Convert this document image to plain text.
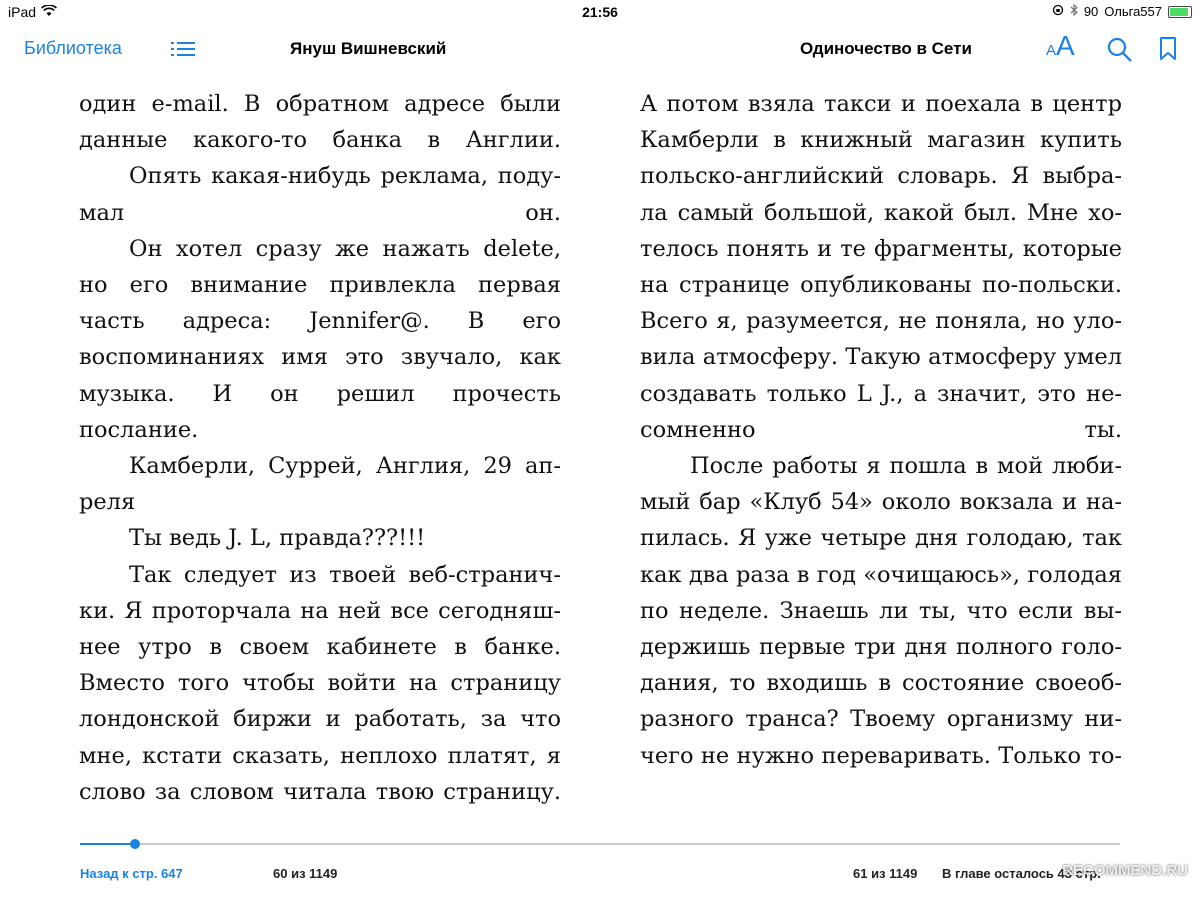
iPad	21:56	90 Ольга557
Библиотека	Януш Вишневский	Одиночество в Сети	AA

один e-mail. В обратном адресе были данные какого-то банка в Англии.

Опять какая-нибудь реклама, подумал он.

Он хотел сразу же нажать delete, но его внимание привлекла первая часть адреса: Jennifer@. В его воспоминаниях имя это звучало, как музыка. И он решил прочесть послание.

Камберли, Суррей, Англия, 29 апреля

Ты ведь J. L, правда???!!!

Так следует из твоей веб-странички. Я проторчала на ней все сегодняшнее утро в своем кабинете в банке. Вместо того чтобы войти на страницу лондонской биржи и работать, за что мне, кстати сказать, неплохо платят, я слово за словом читала твою страницу.

А потом взяла такси и поехала в центр Камберли в книжный магазин купить польско-английский словарь. Я выбрала самый большой, какой был. Мне хотелось понять и те фрагменты, которые на странице опубликованы по-польски. Всего я, разумеется, не поняла, но уловила атмосферу. Такую атмосферу умел создавать только L J., а значит, это несомненно ты.

После работы я пошла в мой любимый бар «Клуб 54» около вокзала и напилась. Я уже четыре дня голодаю, так как два раза в год «очищаюсь», голодая по неделе. Знаешь ли ты, что если выдержишь первые три дня полного голодания, то входишь в состояние своеобразного транса? Твоему организму ничего не нужно переваривать. Только то-

Назад к стр. 647	60 из 1149	61 из 1149 В главе осталось 43 стр.
RECOMMEND.RU
